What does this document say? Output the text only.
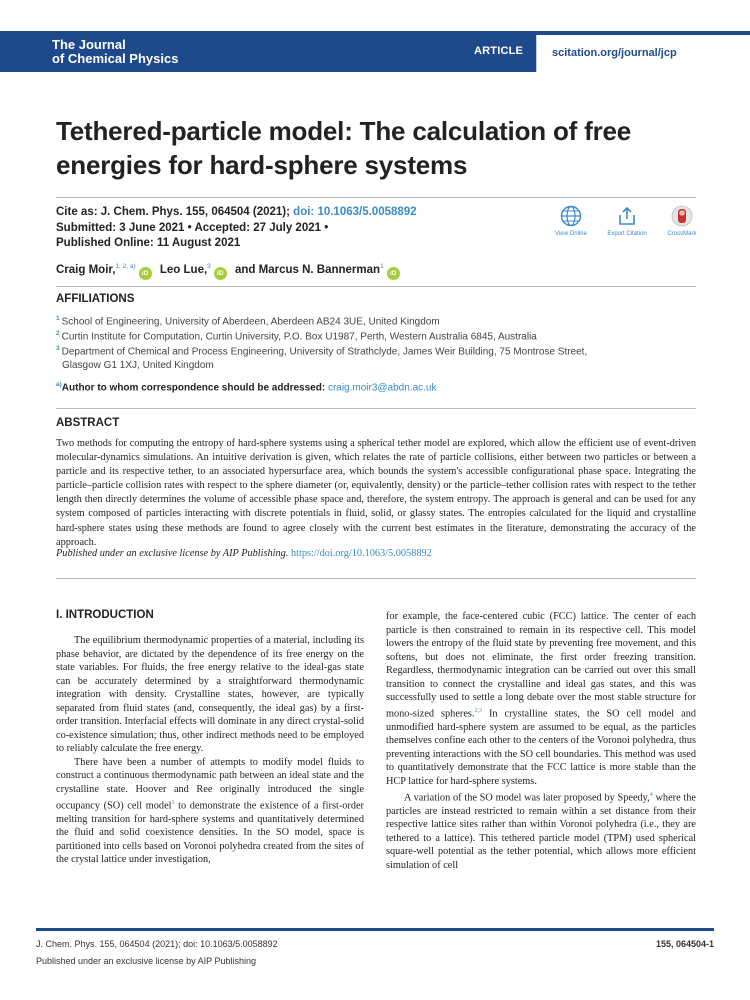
The Journal
of Chemical Physics	ARTICLE	scitation.org/journal/jcp
Tethered-particle model: The calculation of free
energies for hard-sphere systems
Cite as: J. Chem. Phys. 155, 064504 (2021); doi: 10.1063/5.0058892
Submitted: 3 June 2021 • Accepted: 27 July 2021 •
Published Online: 11 August 2021
View Online	Export Citation	CrossMark
Craig Moir,$^{1, 2, a)}$iD Leo Lue,$^3$iD and Marcus N. Bannerman$^1$iD
AFFILIATIONS
$^1$ School of Engineering, University of Aberdeen, Aberdeen AB24 3UE, United Kingdom
$^2$ Curtin Institute for Computation, Curtin University, P.O. Box U1987, Perth, Western Australia 6845, Australia
$^3$ Department of Chemical and Process Engineering, University of Strathclyde, James Weir Building, 75 Montrose Street,
Glasgow G1 1XJ, United Kingdom
$^{a)}$Author to whom correspondence should be addressed: craig.moir3@abdn.ac.uk
ABSTRACT
Two methods for computing the entropy of hard-sphere systems using a spherical tether model are explored, which allow the efficient use of event-driven molecular-dynamics simulations. An intuitive derivation is given, which relates the rate of particle collisions, either between two particles or between a particle and its respective tether, to an associated hypersurface area, which bounds the system's accessible configurational phase space. Integrating the particle–particle collision rates with respect to the sphere diameter (or, equivalently, density) or the particle–tether collision rates with respect to the tether length then directly determines the volume of accessible phase space and, therefore, the system entropy. The approach is general and can be used for any system composed of particles interacting with discrete potentials in fluid, solid, or glassy states. The entropies calculated for the liquid and crystalline hard-sphere states using these methods are found to agree closely with the current best estimates in the literature, demonstrating the accuracy of the approach.
Published under an exclusive license by AIP Publishing. https://doi.org/10.1063/5.0058892
I. INTRODUCTION

The equilibrium thermodynamic properties of a material, including its phase behavior, are dictated by the dependence of its free energy on the state variables. For fluids, the free energy relative to the ideal-gas state can be accurately determined by a straightforward thermodynamic integration with density. Crystalline states, however, are typically separated from fluid states (and, consequently, the ideal gas) by a first-order transition. Interfacial effects will dominate in any direct crystal-solid co-existence simulation; thus, other indirect methods need to be employed to reliably calculate the free energy.

There have been a number of attempts to modify model fluids to construct a continuous thermodynamic path between an ideal state and the crystalline state. Hoover and Ree originally introduced the single occupancy (SO) cell model$^1$ to demonstrate the existence of a first-order melting transition for hard-sphere systems and quantitatively determined the fluid and solid coexistence densities. In the SO model, space is partitioned into cells based on Voronoi polyhedra created from the sites of the crystal lattice under investigation,

for example, the face-centered cubic (FCC) lattice. The center of each particle is then constrained to remain in its respective cell. This model lowers the entropy of the fluid state by preventing free movement, and this softens, but does not eliminate, the first order freezing transition. Regardless, thermodynamic integration can be carried out over this small transition to connect the crystalline and ideal gas states, and this was successfully used to settle a long debate over the most stable structure for mono-sized spheres.$^{2,3}$ In crystalline states, the SO cell model and unmodified hard-sphere system are assumed to be equal, as the particles themselves confine each other to the centers of the Voronoi polyhedra, thus preventing interactions with the SO cell boundaries. This method was used to quantitatively demonstrate that the FCC lattice is more stable than the HCP lattice for hard-sphere systems.

A variation of the SO model was later proposed by Speedy,$^4$ where the particles are instead restricted to remain within a set distance from their respective lattice sites rather than within Voronoi polyhedra (i.e., they are tethered to a lattice). This tethered particle model (TPM) used spherical square-well potential as the tether potential, which allows more efficient simulation of cell

J. Chem. Phys. 155, 064504 (2021); doi: 10.1063/5.0058892
Published under an exclusive license by AIP Publishing
155, 064504-1
